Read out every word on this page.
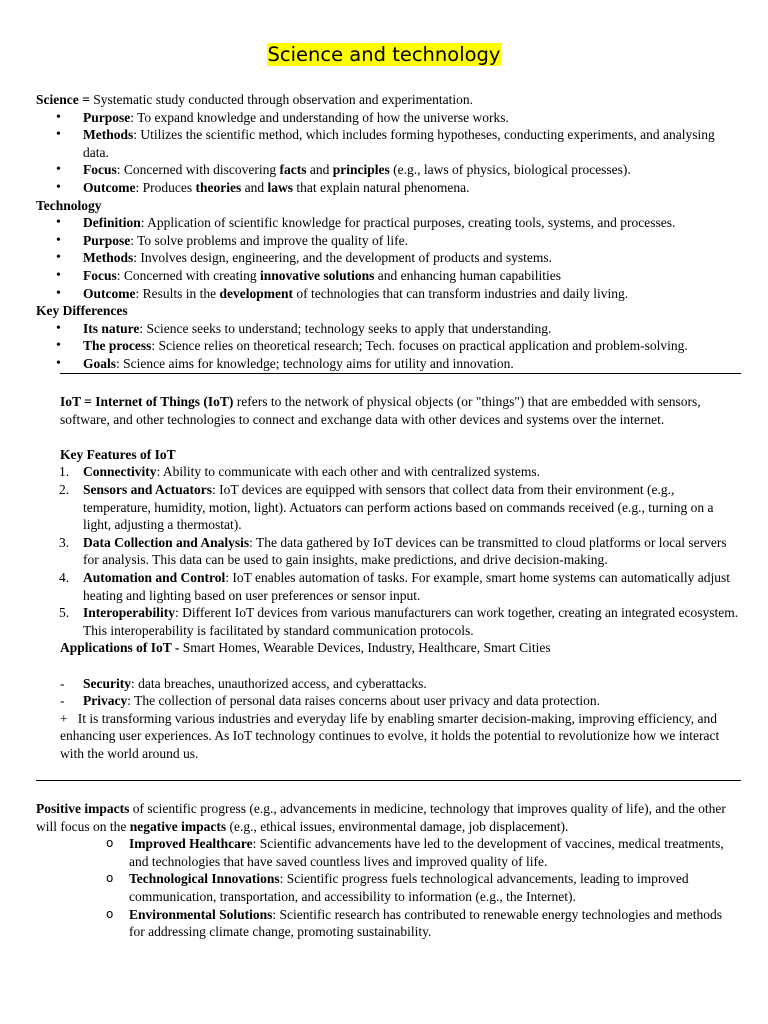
Science and technology

Science = Systematic study conducted through observation and experimentation.

• Purpose: To expand knowledge and understanding of how the universe works.
• Methods: Utilizes the scientific method, which includes forming hypotheses, conducting experiments, and analysing data.
• Focus: Concerned with discovering facts and principles (e.g., laws of physics, biological processes).
• Outcome: Produces theories and laws that explain natural phenomena.

Technology

• Definition: Application of scientific knowledge for practical purposes, creating tools, systems, and processes.
• Purpose: To solve problems and improve the quality of life.
• Methods: Involves design, engineering, and the development of products and systems.
• Focus: Concerned with creating innovative solutions and enhancing human capabilities
• Outcome: Results in the development of technologies that can transform industries and daily living.

Key Differences

• Its nature: Science seeks to understand; technology seeks to apply that understanding.
• The process: Science relies on theoretical research; Tech. focuses on practical application and problem-solving.
• Goals: Science aims for knowledge; technology aims for utility and innovation.

IoT = Internet of Things (IoT) refers to the network of physical objects (or "things") that are embedded with sensors, software, and other technologies to connect and exchange data with other devices and systems over the internet.

Key Features of IoT

1. Connectivity: Ability to communicate with each other and with centralized systems.
2. Sensors and Actuators: IoT devices are equipped with sensors that collect data from their environment (e.g., temperature, humidity, motion, light). Actuators can perform actions based on commands received (e.g., turning on a light, adjusting a thermostat).
3. Data Collection and Analysis: The data gathered by IoT devices can be transmitted to cloud platforms or local servers for analysis. This data can be used to gain insights, make predictions, and drive decision-making.
4. Automation and Control: IoT enables automation of tasks. For example, smart home systems can automatically adjust heating and lighting based on user preferences or sensor input.
5. Interoperability: Different IoT devices from various manufacturers can work together, creating an integrated ecosystem. This interoperability is facilitated by standard communication protocols.

Applications of IoT - Smart Homes, Wearable Devices, Industry, Healthcare, Smart Cities

- Security: data breaches, unauthorized access, and cyberattacks.
- Privacy: The collection of personal data raises concerns about user privacy and data protection.

+ It is transforming various industries and everyday life by enabling smarter decision-making, improving efficiency, and enhancing user experiences. As IoT technology continues to evolve, it holds the potential to revolutionize how we interact with the world around us.

Positive impacts of scientific progress (e.g., advancements in medicine, technology that improves quality of life), and the other will focus on the negative impacts (e.g., ethical issues, environmental damage, job displacement).

o Improved Healthcare: Scientific advancements have led to the development of vaccines, medical treatments, and technologies that have saved countless lives and improved quality of life.
o Technological Innovations: Scientific progress fuels technological advancements, leading to improved communication, transportation, and accessibility to information (e.g., the Internet).
o Environmental Solutions: Scientific research has contributed to renewable energy technologies and methods for addressing climate change, promoting sustainability.
